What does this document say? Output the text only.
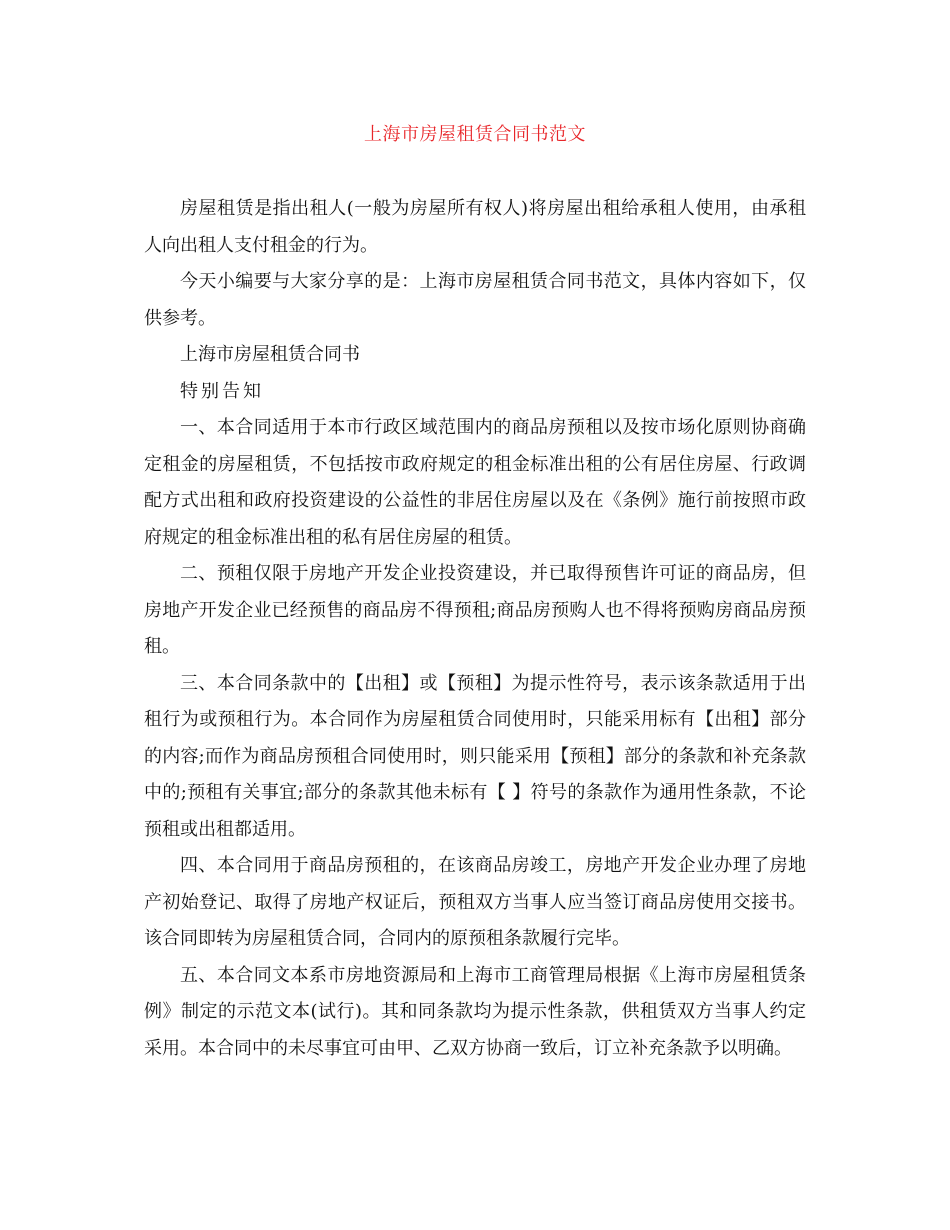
上海市房屋租赁合同书范文

房屋租赁是指出租人(一般为房屋所有权人)将房屋出租给承租人使用，由承租人向出租人支付租金的行为。

今天小编要与大家分享的是：上海市房屋租赁合同书范文，具体内容如下，仅供参考。

上海市房屋租赁合同书

特别告知

一、本合同适用于本市行政区域范围内的商品房预租以及按市场化原则协商确定租金的房屋租赁，不包括按市政府规定的租金标准出租的公有居住房屋、行政调配方式出租和政府投资建设的公益性的非居住房屋以及在《条例》施行前按照市政府规定的租金标准出租的私有居住房屋的租赁。

二、预租仅限于房地产开发企业投资建设，并已取得预售许可证的商品房，但房地产开发企业已经预售的商品房不得预租;商品房预购人也不得将预购房商品房预租。

三、本合同条款中的【出租】或【预租】为提示性符号，表示该条款适用于出租行为或预租行为。本合同作为房屋租赁合同使用时，只能采用标有【出租】部分的内容;而作为商品房预租合同使用时，则只能采用【预租】部分的条款和补充条款中的;预租有关事宜;部分的条款其他未标有【 】符号的条款作为通用性条款，不论预租或出租都适用。

四、本合同用于商品房预租的，在该商品房竣工，房地产开发企业办理了房地产初始登记、取得了房地产权证后，预租双方当事人应当签订商品房使用交接书。该合同即转为房屋租赁合同，合同内的原预租条款履行完毕。

五、本合同文本系市房地资源局和上海市工商管理局根据《上海市房屋租赁条例》制定的示范文本(试行)。其和同条款均为提示性条款，供租赁双方当事人约定采用。本合同中的未尽事宜可由甲、乙双方协商一致后，订立补充条款予以明确。
